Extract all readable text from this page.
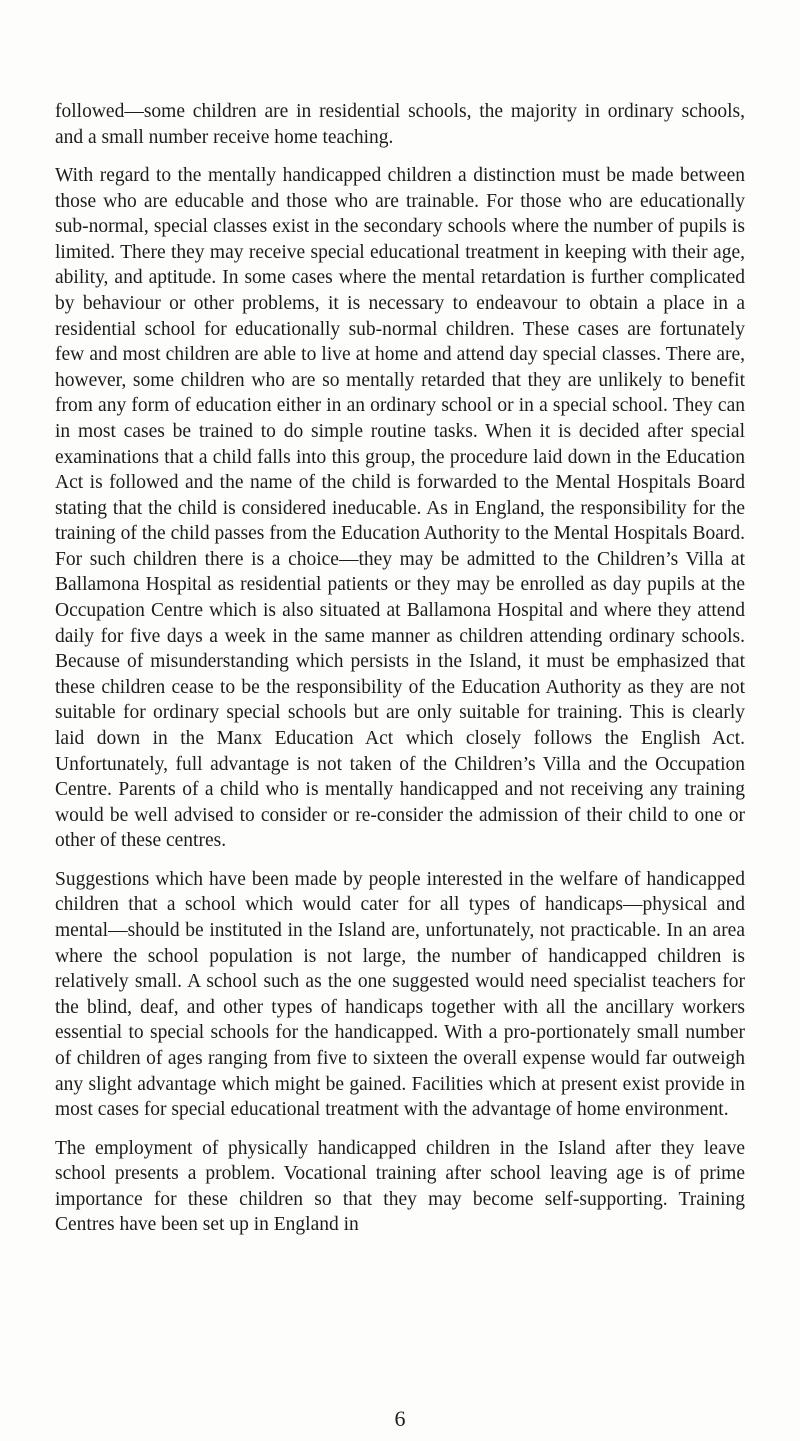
followed—some children are in residential schools, the majority in ordinary schools, and a small number receive home teaching.

With regard to the mentally handicapped children a distinction must be made between those who are educable and those who are trainable. For those who are educationally sub-normal, special classes exist in the secondary schools where the number of pupils is limited. There they may receive special educational treatment in keeping with their age, ability, and aptitude. In some cases where the mental retardation is further complicated by behaviour or other problems, it is necessary to endeavour to obtain a place in a residential school for educationally sub-normal children. These cases are fortunately few and most children are able to live at home and attend day special classes. There are, however, some children who are so mentally retarded that they are unlikely to benefit from any form of education either in an ordinary school or in a special school. They can in most cases be trained to do simple routine tasks. When it is decided after special examinations that a child falls into this group, the procedure laid down in the Education Act is followed and the name of the child is forwarded to the Mental Hospitals Board stating that the child is considered ineducable. As in England, the responsibility for the training of the child passes from the Education Authority to the Mental Hospitals Board. For such children there is a choice—they may be admitted to the Children’s Villa at Ballamona Hospital as residential patients or they may be enrolled as day pupils at the Occupation Centre which is also situated at Ballamona Hospital and where they attend daily for five days a week in the same manner as children attending ordinary schools. Because of misunderstanding which persists in the Island, it must be emphasized that these children cease to be the responsibility of the Education Authority as they are not suitable for ordinary special schools but are only suitable for training. This is clearly laid down in the Manx Education Act which closely follows the English Act. Unfortunately, full advantage is not taken of the Children’s Villa and the Occupation Centre. Parents of a child who is mentally handicapped and not receiving any training would be well advised to consider or re-consider the admission of their child to one or other of these centres.

Suggestions which have been made by people interested in the welfare of handicapped children that a school which would cater for all types of handicaps—physical and mental—should be instituted in the Island are, unfortunately, not practicable. In an area where the school population is not large, the number of handicapped children is relatively small. A school such as the one suggested would need specialist teachers for the blind, deaf, and other types of handicaps together with all the ancillary workers essential to special schools for the handicapped. With a pro-portionately small number of children of ages ranging from five to sixteen the overall expense would far outweigh any slight advantage which might be gained. Facilities which at present exist provide in most cases for special educational treatment with the advantage of home environment.

The employment of physically handicapped children in the Island after they leave school presents a problem. Vocational training after school leaving age is of prime importance for these children so that they may become self-supporting. Training Centres have been set up in England in

6
